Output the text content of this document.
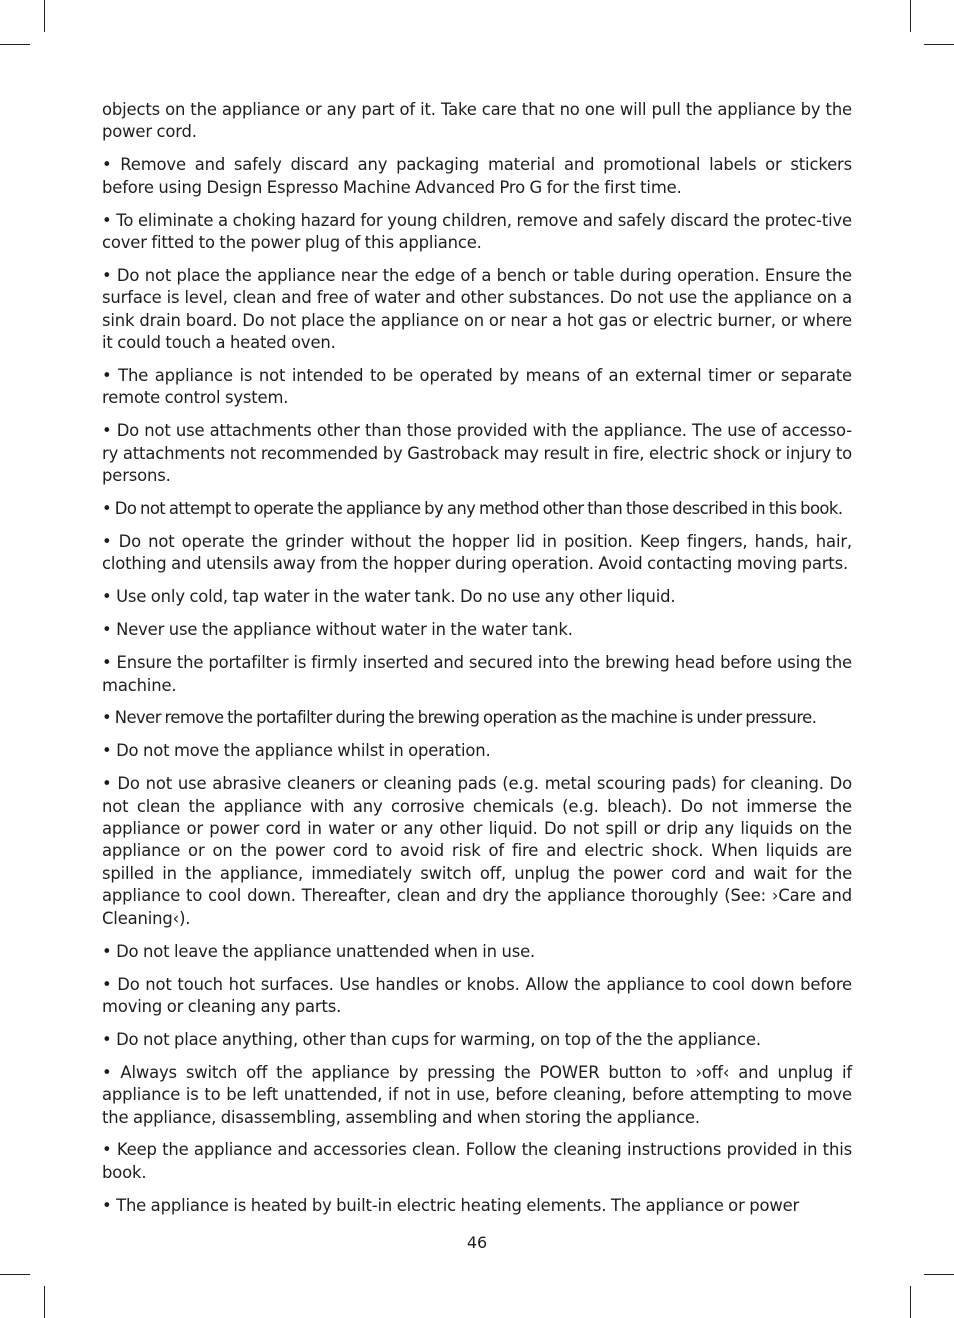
objects on the appliance or any part of it. Take care that no one will pull the appliance by the power cord.

• Remove and safely discard any packaging material and promotional labels or stickers before using Design Espresso Machine Advanced Pro G for the first time.

• To eliminate a choking hazard for young children, remove and safely discard the protec-tive cover fitted to the power plug of this appliance.

• Do not place the appliance near the edge of a bench or table during operation. Ensure the surface is level, clean and free of water and other substances. Do not use the appliance on a sink drain board. Do not place the appliance on or near a hot gas or electric burner, or where it could touch a heated oven.

• The appliance is not intended to be operated by means of an external timer or separate remote control system.

• Do not use attachments other than those provided with the appliance. The use of accesso-ry attachments not recommended by Gastroback may result in fire, electric shock or injury to persons.

• Do not attempt to operate the appliance by any method other than those described in this book.

• Do not operate the grinder without the hopper lid in position. Keep fingers, hands, hair, clothing and utensils away from the hopper during operation. Avoid contacting moving parts.

• Use only cold, tap water in the water tank. Do no use any other liquid.

• Never use the appliance without water in the water tank.

• Ensure the portafilter is firmly inserted and secured into the brewing head before using the machine.

• Never remove the portafilter during the brewing operation as the machine is under pressure.

• Do not move the appliance whilst in operation.

• Do not use abrasive cleaners or cleaning pads (e.g. metal scouring pads) for cleaning. Do not clean the appliance with any corrosive chemicals (e.g. bleach). Do not immerse the appliance or power cord in water or any other liquid. Do not spill or drip any liquids on the appliance or on the power cord to avoid risk of fire and electric shock. When liquids are spilled in the appliance, immediately switch off, unplug the power cord and wait for the appliance to cool down. Thereafter, clean and dry the appliance thoroughly (See: ›Care and Cleaning‹).

• Do not leave the appliance unattended when in use.

• Do not touch hot surfaces. Use handles or knobs. Allow the appliance to cool down before moving or cleaning any parts.

• Do not place anything, other than cups for warming, on top of the the appliance.

• Always switch off the appliance by pressing the POWER button to ›off‹ and unplug if appliance is to be left unattended, if not in use, before cleaning, before attempting to move the appliance, disassembling, assembling and when storing the appliance.

• Keep the appliance and accessories clean. Follow the cleaning instructions provided in this book.

• The appliance is heated by built-in electric heating elements. The appliance or power

46
